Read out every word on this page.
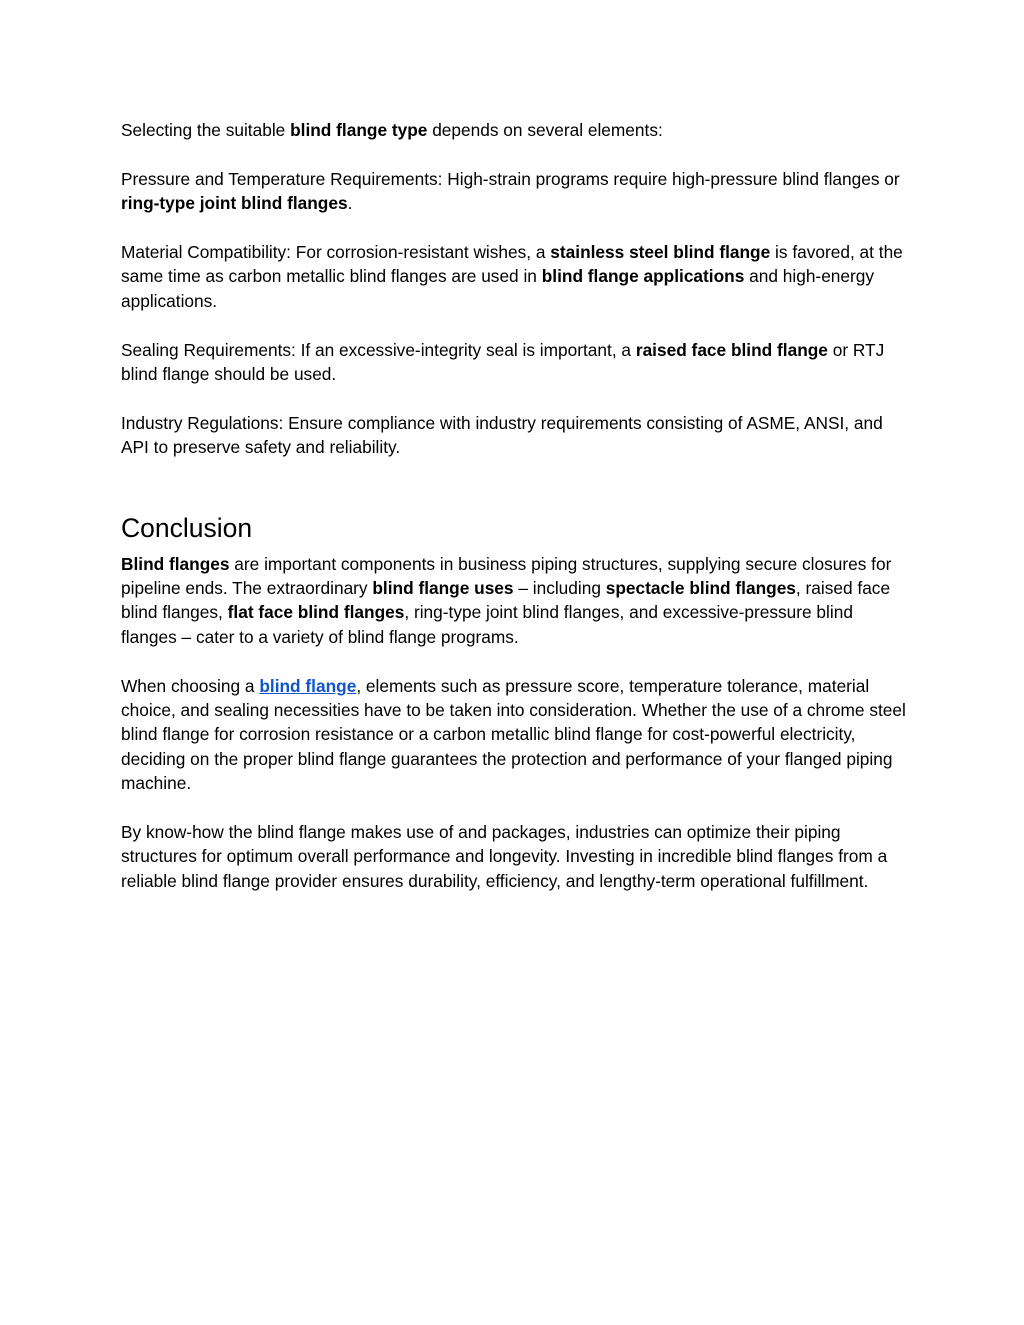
Selecting the suitable blind flange type depends on several elements:

Pressure and Temperature Requirements: High-strain programs require high-pressure blind flanges or ring-type joint blind flanges.

Material Compatibility: For corrosion-resistant wishes, a stainless steel blind flange is favored, at the same time as carbon metallic blind flanges are used in blind flange applications and high-energy applications.

Sealing Requirements: If an excessive-integrity seal is important, a raised face blind flange or RTJ blind flange should be used.

Industry Regulations: Ensure compliance with industry requirements consisting of ASME, ANSI, and API to preserve safety and reliability.

Conclusion

Blind flanges are important components in business piping structures, supplying secure closures for pipeline ends. The extraordinary blind flange uses – including spectacle blind flanges, raised face blind flanges, flat face blind flanges, ring-type joint blind flanges, and excessive-pressure blind flanges – cater to a variety of blind flange programs.

When choosing a blind flange, elements such as pressure score, temperature tolerance, material choice, and sealing necessities have to be taken into consideration. Whether the use of a chrome steel blind flange for corrosion resistance or a carbon metallic blind flange for cost-powerful electricity, deciding on the proper blind flange guarantees the protection and performance of your flanged piping machine.

By know-how the blind flange makes use of and packages, industries can optimize their piping structures for optimum overall performance and longevity. Investing in incredible blind flanges from a reliable blind flange provider ensures durability, efficiency, and lengthy-term operational fulfillment.
